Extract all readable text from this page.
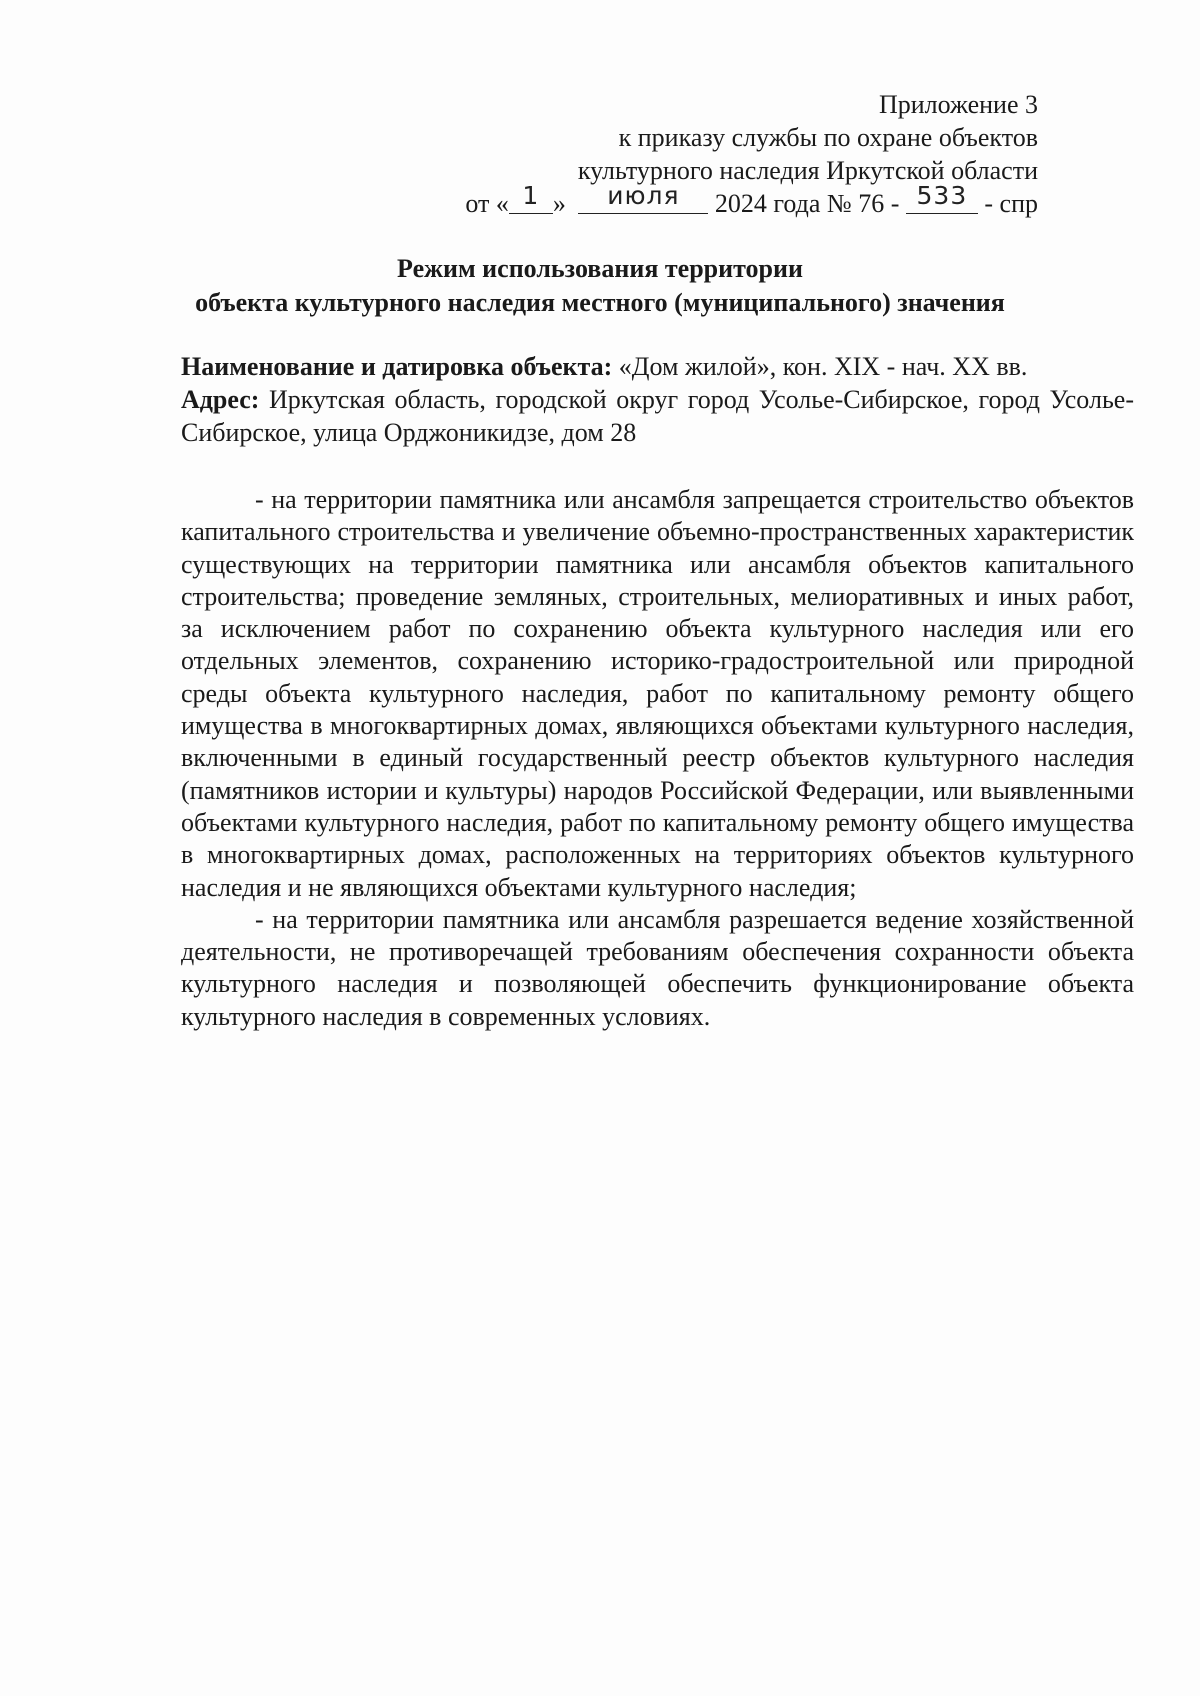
Приложение 3
к приказу службы по охране объектов
культурного наследия Иркутской области
от « 1 » июля 2024 года № 76 - 533 - спр
Режим использования территории
объекта культурного наследия местного (муниципального) значения
Наименование и датировка объекта: «Дом жилой», кон. XIX - нач. XX вв.
Адрес: Иркутская область, городской округ город Усолье-Сибирское, город Усолье-Сибирское, улица Орджоникидзе, дом 28

- на территории памятника или ансамбля запрещается строительство объектов капитального строительства и увеличение объемно-пространственных характеристик существующих на территории памятника или ансамбля объектов капитального строительства; проведение земляных, строительных, мелиоративных и иных работ, за исключением работ по сохранению объекта культурного наследия или его отдельных элементов, сохранению историко-градостроительной или природной среды объекта культурного наследия, работ по капитальному ремонту общего имущества в многоквартирных домах, являющихся объектами культурного наследия, включенными в единый государственный реестр объектов культурного наследия (памятников истории и культуры) народов Российской Федерации, или выявленными объектами культурного наследия, работ по капитальному ремонту общего имущества в многоквартирных домах, расположенных на территориях объектов культурного наследия и не являющихся объектами культурного наследия;

- на территории памятника или ансамбля разрешается ведение хозяйственной деятельности, не противоречащей требованиям обеспечения сохранности объекта культурного наследия и позволяющей обеспечить функционирование объекта культурного наследия в современных условиях.
